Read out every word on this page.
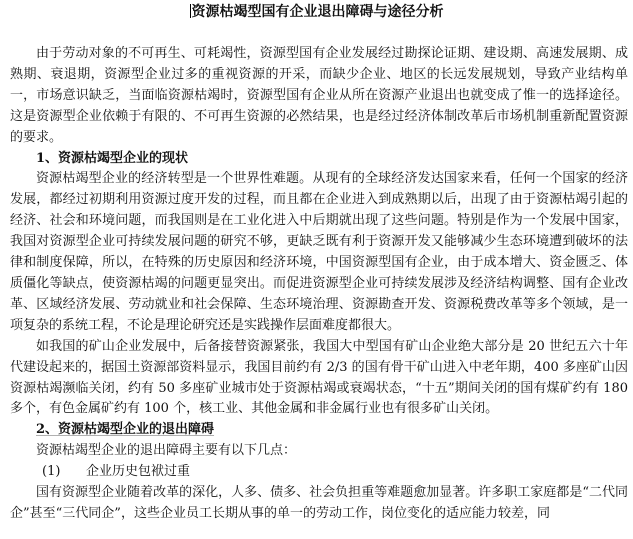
资源枯竭型国有企业退出障碍与途径分析

由于劳动对象的不可再生、可耗竭性，资源型国有企业发展经过勘探论证期、建设期、高速发展期、成熟期、衰退期，资源型企业过多的重视资源的开采，而缺少企业、地区的长远发展规划，导致产业结构单一，市场意识缺乏，当面临资源枯竭时，资源型国有企业从所在资源产业退出也就变成了惟一的选择途径。这是资源型企业依赖于有限的、不可再生资源的必然结果，也是经过经济体制改革后市场机制重新配置资源的要求。

1、资源枯竭型企业的现状

资源枯竭型企业的经济转型是一个世界性难题。从现有的全球经济发达国家来看，任何一个国家的经济发展，都经过初期利用资源过度开发的过程，而且都在企业进入到成熟期以后，出现了由于资源枯竭引起的经济、社会和环境问题，而我国则是在工业化进入中后期就出现了这些问题。特别是作为一个发展中国家，我国对资源型企业可持续发展问题的研究不够，更缺乏既有利于资源开发又能够减少生态环境遭到破坏的法律和制度保障，所以，在特殊的历史原因和经济环境，中国资源型国有企业，由于成本增大、资金匮乏、体质僵化等缺点，使资源枯竭的问题更显突出。而促进资源型企业可持续发展涉及经济结构调整、国有企业改革、区域经济发展、劳动就业和社会保障、生态环境治理、资源勘查开发、资源税费改革等多个领域，是一项复杂的系统工程，不论是理论研究还是实践操作层面难度都很大。

如我国的矿山企业发展中，后备接替资源紧张，我国大中型国有矿山企业绝大部分是 20 世纪五六十年代建设起来的，据国土资源部资料显示，我国目前约有 2/3 的国有骨干矿山进入中老年期，400 多座矿山因资源枯竭濒临关闭，约有 50 多座矿业城市处于资源枯竭或衰竭状态，“十五”期间关闭的国有煤矿约有 180 多个，有色金属矿约有 100 个，核工业、其他金属和非金属行业也有很多矿山关闭。

2、资源枯竭型企业的退出障碍

资源枯竭型企业的退出障碍主要有以下几点：

(1) 企业历史包袱过重

国有资源型企业随着改革的深化，人多、债多、社会负担重等难题愈加显著。许多职工家庭都是“二代同企”甚至“三代同企”，这些企业员工长期从事的单一的劳动工作，岗位变化的适应能力较差，同
